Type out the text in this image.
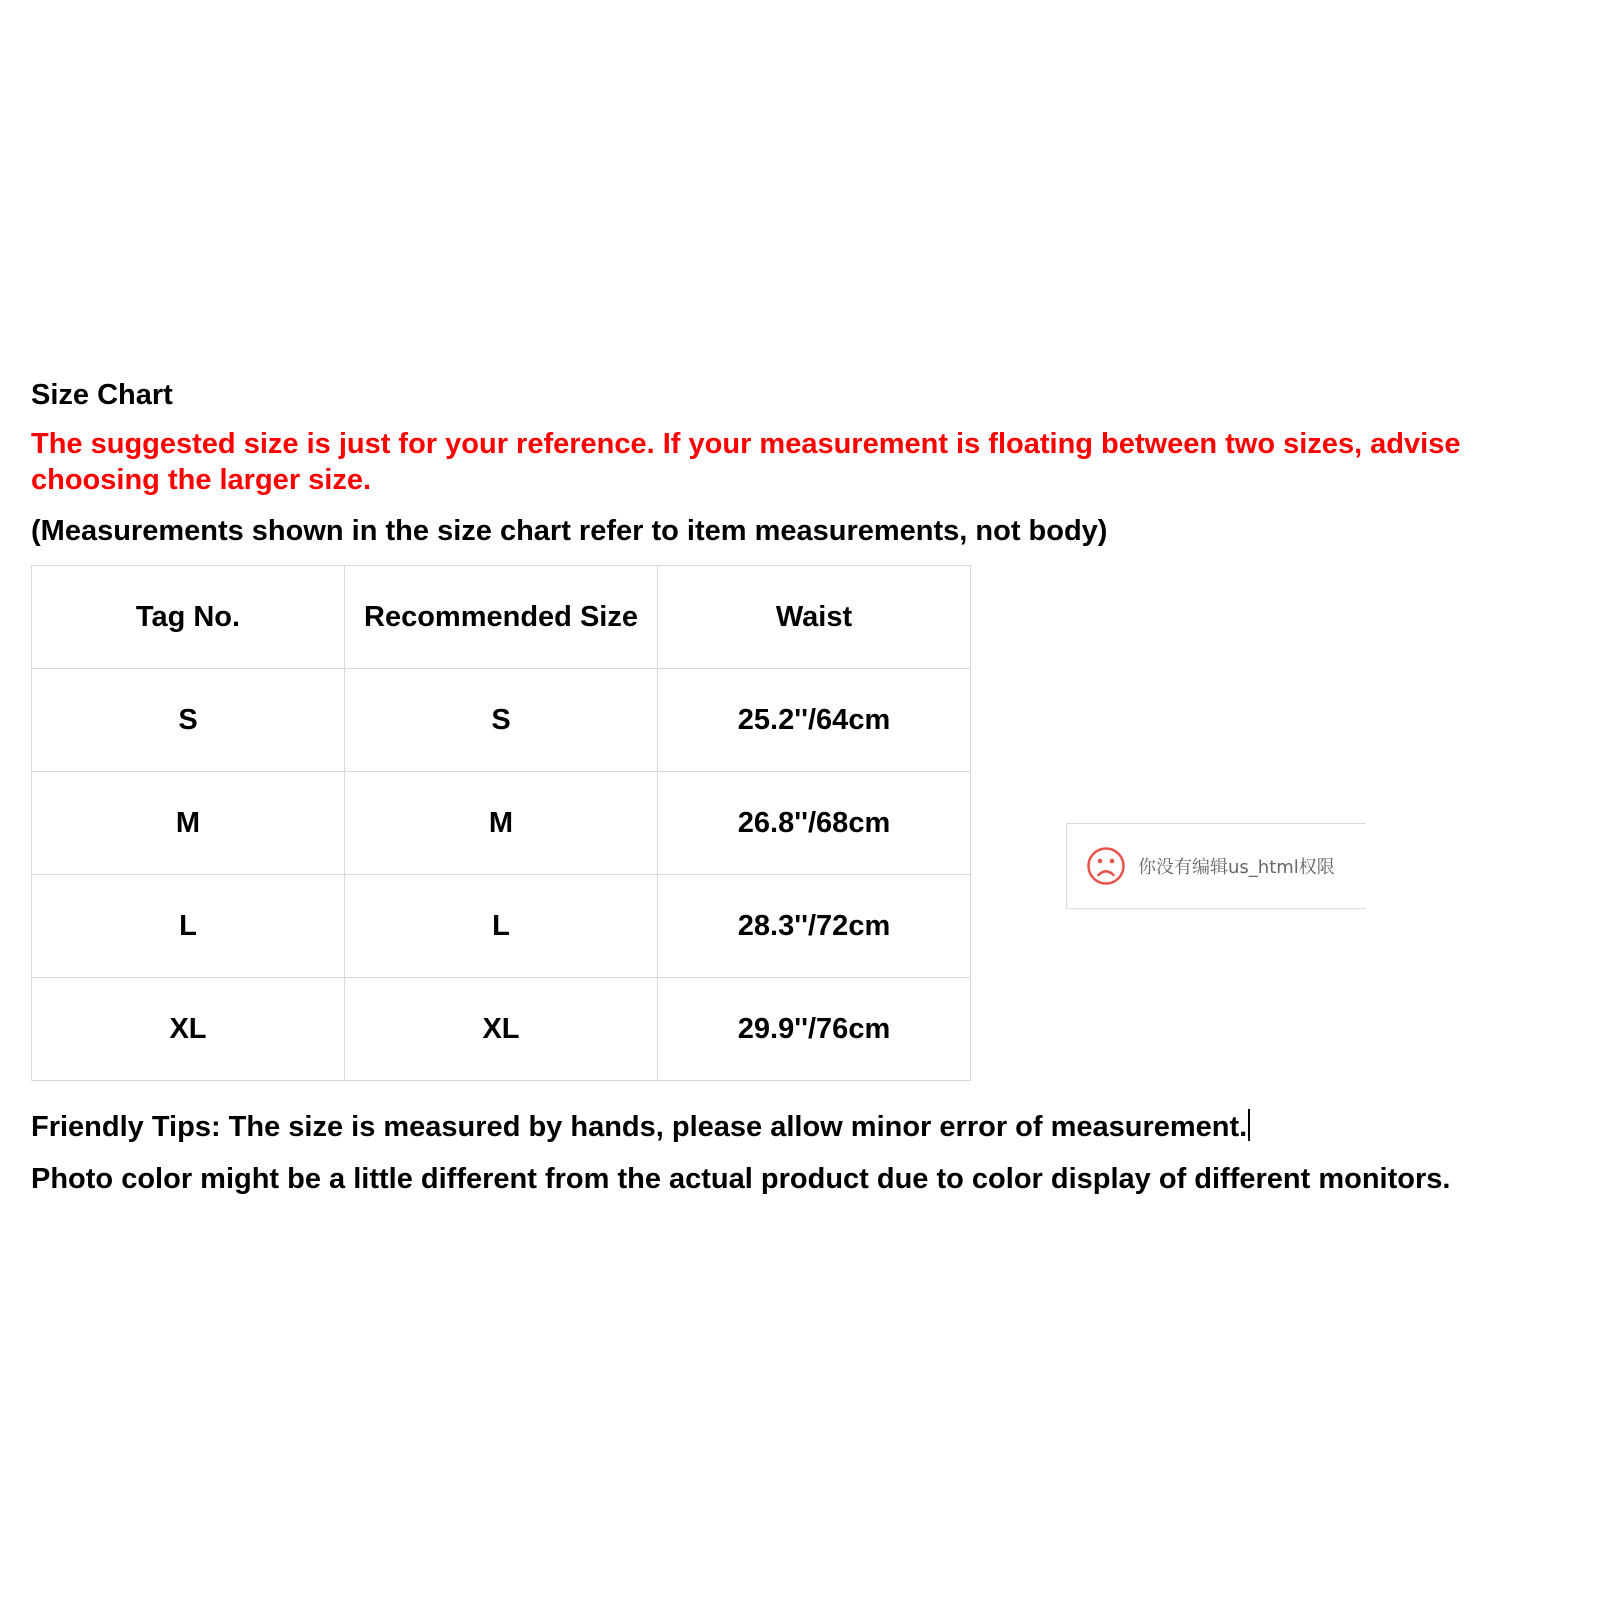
Size Chart

The suggested size is just for your reference. If your measurement is floating between two sizes, advise choosing the larger size.

(Measurements shown in the size chart refer to item measurements, not body)

Tag No.	Recommended Size	Waist
S	S	25.2''/64cm
M	M	26.8''/68cm
L	L	28.3''/72cm
XL	XL	29.9''/76cm

Friendly Tips: The size is measured by hands, please allow minor error of measurement.

Photo color might be a little different from the actual product due to color display of different monitors.

你没有编辑us_html权限
